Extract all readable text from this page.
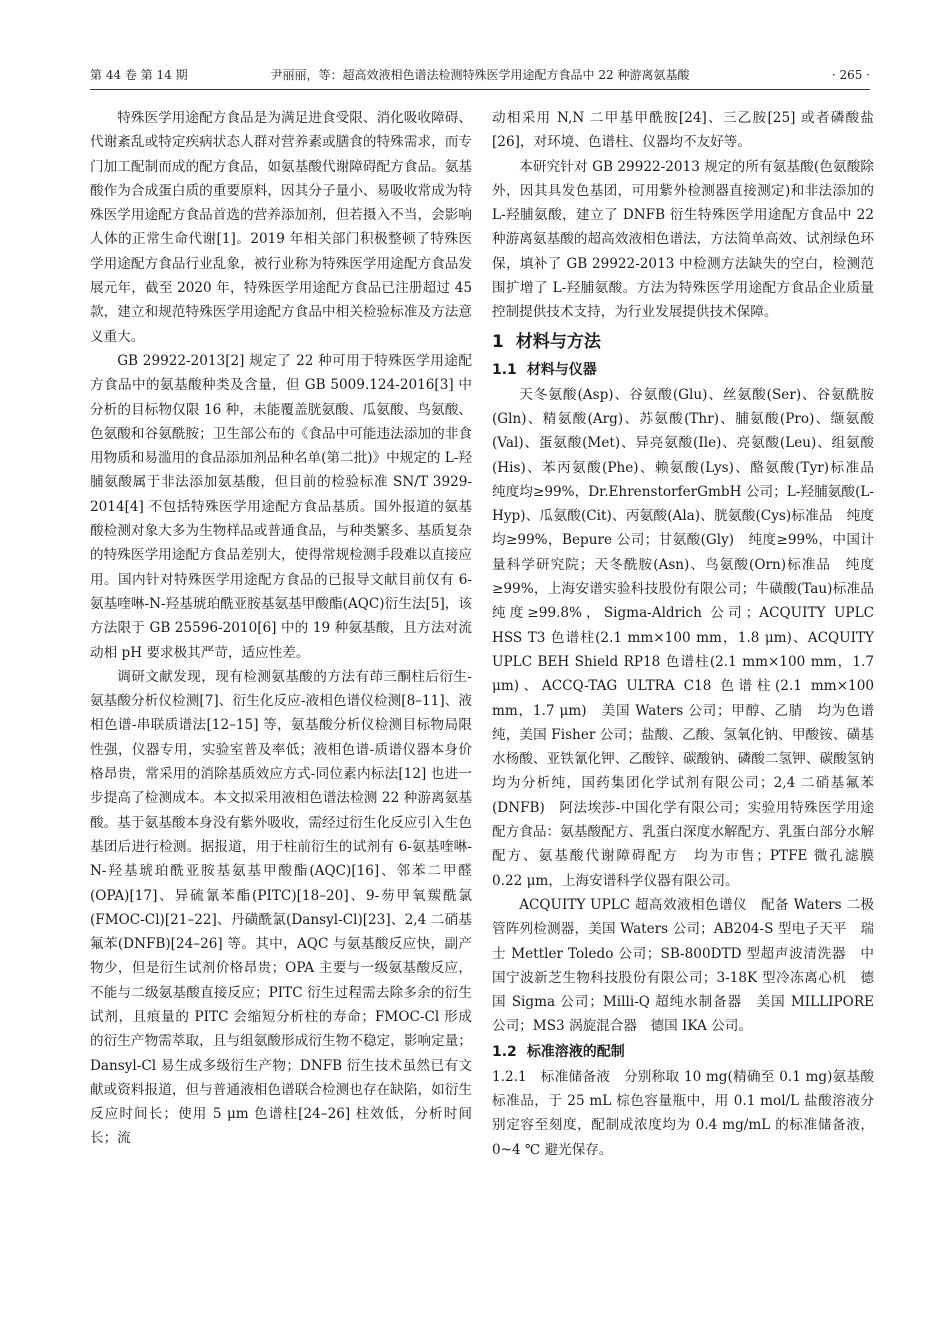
第 44 卷 第 14 期	尹丽丽，等：超高效液相色谱法检测特殊医学用途配方食品中 22 种游离氨基酸	· 265 ·

特殊医学用途配方食品是为满足进食受限、消化吸收障碍、代谢紊乱或特定疾病状态人群对营养素或膳食的特殊需求，而专门加工配制而成的配方食品，如氨基酸代谢障碍配方食品。氨基酸作为合成蛋白质的重要原料，因其分子量小、易吸收常成为特殊医学用途配方食品首选的营养添加剂，但若摄入不当，会影响人体的正常生命代谢[1]。2019 年相关部门积极整顿了特殊医学用途配方食品行业乱象，被行业称为特殊医学用途配方食品发展元年，截至 2020 年，特殊医学用途配方食品已注册超过 45 款，建立和规范特殊医学用途配方食品中相关检验标准及方法意义重大。

GB 29922-2013[2] 规定了 22 种可用于特殊医学用途配方食品中的氨基酸种类及含量，但 GB 5009.124-2016[3] 中分析的目标物仅限 16 种，未能覆盖胱氨酸、瓜氨酸、鸟氨酸、色氨酸和谷氨酰胺；卫生部公布的《食品中可能违法添加的非食用物质和易滥用的食品添加剂品种名单(第二批)》中规定的 L-羟脯氨酸属于非法添加氨基酸，但目前的检验标准 SN/T 3929-2014[4] 不包括特殊医学用途配方食品基质。国外报道的氨基酸检测对象大多为生物样品或普通食品，与种类繁多、基质复杂的特殊医学用途配方食品差别大，使得常规检测手段难以直接应用。国内针对特殊医学用途配方食品的已报导文献目前仅有 6-氨基喹啉-N-羟基琥珀酰亚胺基氨基甲酸酯(AQC)衍生法[5]，该方法限于 GB 25596-2010[6] 中的 19 种氨基酸，且方法对流动相 pH 要求极其严苛，适应性差。

调研文献发现，现有检测氨基酸的方法有茚三酮柱后衍生-氨基酸分析仪检测[7]、衍生化反应-液相色谱仪检测[8–11]、液相色谱-串联质谱法[12–15] 等，氨基酸分析仪检测目标物局限性强，仪器专用，实验室普及率低；液相色谱-质谱仪器本身价格昂贵，常采用的消除基质效应方式-同位素内标法[12] 也进一步提高了检测成本。本文拟采用液相色谱法检测 22 种游离氨基酸。基于氨基酸本身没有紫外吸收，需经过衍生化反应引入生色基团后进行检测。据报道，用于柱前衍生的试剂有 6-氨基喹啉-N-羟基琥珀酰亚胺基氨基甲酸酯(AQC)[16]、邻苯二甲醛(OPA)[17]、异硫氰苯酯(PITC)[18–20]、9-芴甲氧羰酰氯(FMOC-Cl)[21–22]、丹磺酰氯(Dansyl-Cl)[23]、2,4 二硝基氟苯(DNFB)[24–26] 等。其中，AQC 与氨基酸反应快，副产物少，但是衍生试剂价格昂贵；OPA 主要与一级氨基酸反应，不能与二级氨基酸直接反应；PITC 衍生过程需去除多余的衍生试剂，且痕量的 PITC 会缩短分析柱的寿命；FMOC-Cl 形成的衍生产物需萃取，且与组氨酸形成衍生物不稳定，影响定量；Dansyl-Cl 易生成多级衍生产物；DNFB 衍生技术虽然已有文献或资料报道，但与普通液相色谱联合检测也存在缺陷，如衍生反应时间长；使用 5 μm 色谱柱[24–26] 柱效低，分析时间长；流

动相采用 N,N 二甲基甲酰胺[24]、三乙胺[25] 或者磷酸盐[26]，对环境、色谱柱、仪器均不友好等。

本研究针对 GB 29922-2013 规定的所有氨基酸(色氨酸除外，因其具发色基团，可用紫外检测器直接测定)和非法添加的 L-羟脯氨酸，建立了 DNFB 衍生特殊医学用途配方食品中 22 种游离氨基酸的超高效液相色谱法，方法简单高效、试剂绿色环保，填补了 GB 29922-2013 中检测方法缺失的空白，检测范围扩增了 L-羟脯氨酸。方法为特殊医学用途配方食品企业质量控制提供技术支持，为行业发展提供技术保障。

1 材料与方法
1.1 材料与仪器

天冬氨酸(Asp)、谷氨酸(Glu)、丝氨酸(Ser)、谷氨酰胺(Gln)、精氨酸(Arg)、苏氨酸(Thr)、脯氨酸(Pro)、缬氨酸(Val)、蛋氨酸(Met)、异亮氨酸(Ile)、亮氨酸(Leu)、组氨酸(His)、苯丙氨酸(Phe)、赖氨酸(Lys)、酪氨酸(Tyr)标准品　纯度均≥99%，Dr.EhrenstorferGmbH 公司；L-羟脯氨酸(L-Hyp)、瓜氨酸(Cit)、丙氨酸(Ala)、胱氨酸(Cys)标准品　纯度均≥99%，Bepure 公司；甘氨酸(Gly)　纯度≥99%，中国计量科学研究院；天冬酰胺(Asn)、鸟氨酸(Orn)标准品　纯度≥99%，上海安谱实验科技股份有限公司；牛磺酸(Tau)标准品　纯度≥99.8%，Sigma-Aldrich 公司；ACQUITY UPLC HSS T3 色谱柱(2.1 mm×100 mm，1.8 μm)、ACQUITY UPLC BEH Shield RP18 色谱柱(2.1 mm×100 mm，1.7 μm)、ACCQ-TAG ULTRA C18 色谱柱(2.1 mm×100 mm，1.7 μm)　美国 Waters 公司；甲醇、乙腈　均为色谱纯，美国 Fisher 公司；盐酸、乙酸、氢氧化钠、甲酸铵、磺基水杨酸、亚铁氰化钾、乙酸锌、碳酸钠、磷酸二氢钾、碳酸氢钠　均为分析纯，国药集团化学试剂有限公司；2,4 二硝基氟苯(DNFB)　阿法埃莎-中国化学有限公司；实验用特殊医学用途配方食品：氨基酸配方、乳蛋白深度水解配方、乳蛋白部分水解配方、氨基酸代谢障碍配方　均为市售；PTFE 微孔滤膜　0.22 μm，上海安谱科学仪器有限公司。

ACQUITY UPLC 超高效液相色谱仪　配备 Waters 二极管阵列检测器，美国 Waters 公司；AB204-S 型电子天平　瑞士 Mettler Toledo 公司；SB-800DTD 型超声波清洗器　中国宁波新芝生物科技股份有限公司；3-18K 型冷冻离心机　德国 Sigma 公司；Milli-Q 超纯水制备器　美国 MILLIPORE 公司；MS3 涡旋混合器　德国 IKA 公司。

1.2 标准溶液的配制

1.2.1　标准储备液　分别称取 10 mg(精确至 0.1 mg)氨基酸标准品，于 25 mL 棕色容量瓶中，用 0.1 mol/L 盐酸溶液分别定容至刻度，配制成浓度均为 0.4 mg/mL 的标准储备液，0~4 ℃ 避光保存。
